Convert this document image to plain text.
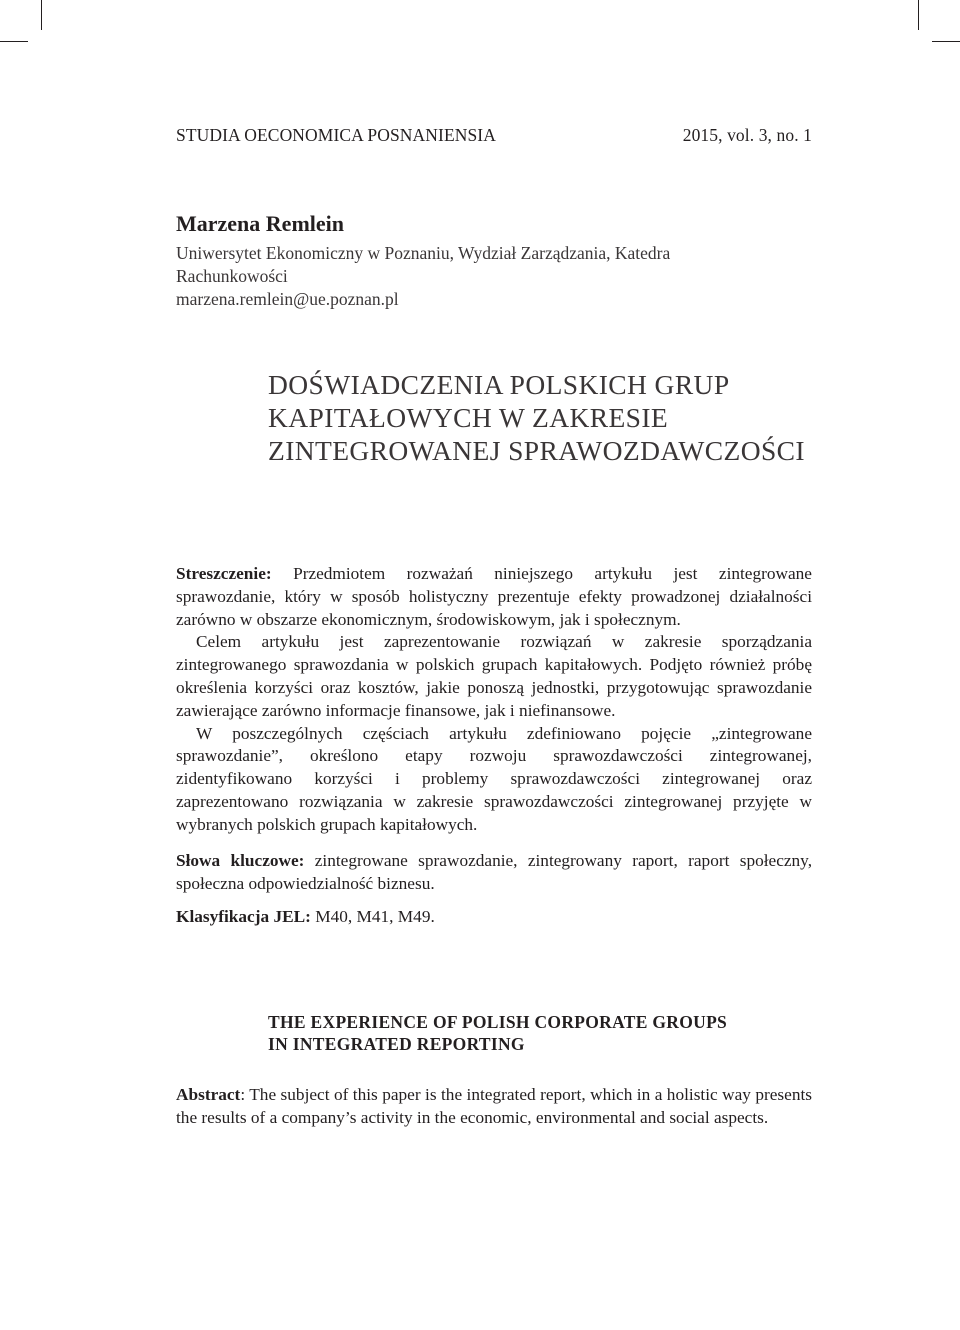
STUDIA OECONOMICA POSNANIENSIA	2015, vol. 3, no. 1
Marzena Remlein
Uniwersytet Ekonomiczny w Poznaniu, Wydział Zarządzania, Katedra
Rachunkowości
marzena.remlein@ue.poznan.pl
DOŚWIADCZENIA POLSKICH GRUP
KAPITAŁOWYCH W ZAKRESIE
ZINTEGROWANEJ SPRAWOZDAWCZOŚCI

Streszczenie: Przedmiotem rozważań niniejszego artykułu jest zintegrowane sprawozdanie, który w sposób holistyczny prezentuje efekty prowadzonej działalności zarówno w obszarze ekonomicznym, środowiskowym, jak i społecznym.

Celem artykułu jest zaprezentowanie rozwiązań w zakresie sporządzania zintegrowanego sprawozdania w polskich grupach kapitałowych. Podjęto również próbę określenia korzyści oraz kosztów, jakie ponoszą jednostki, przygotowując sprawozdanie zawierające zarówno informacje finansowe, jak i niefinansowe.

W poszczególnych częściach artykułu zdefiniowano pojęcie „zintegrowane sprawozdanie”, określono etapy rozwoju sprawozdawczości zintegrowanej, zidentyfikowano korzyści i problemy sprawozdawczości zintegrowanej oraz zaprezentowano rozwiązania w zakresie sprawozdawczości zintegrowanej przyjęte w wybranych polskich grupach kapitałowych.

Słowa kluczowe: zintegrowane sprawozdanie, zintegrowany raport, raport społeczny, społeczna odpowiedzialność biznesu.
Klasyfikacja JEL: M40, M41, M49.
THE EXPERIENCE OF POLISH CORPORATE GROUPS
IN INTEGRATED REPORTING
Abstract: The subject of this paper is the integrated report, which in a holistic way presents the results of a company’s activity in the economic, environmental and social aspects.
